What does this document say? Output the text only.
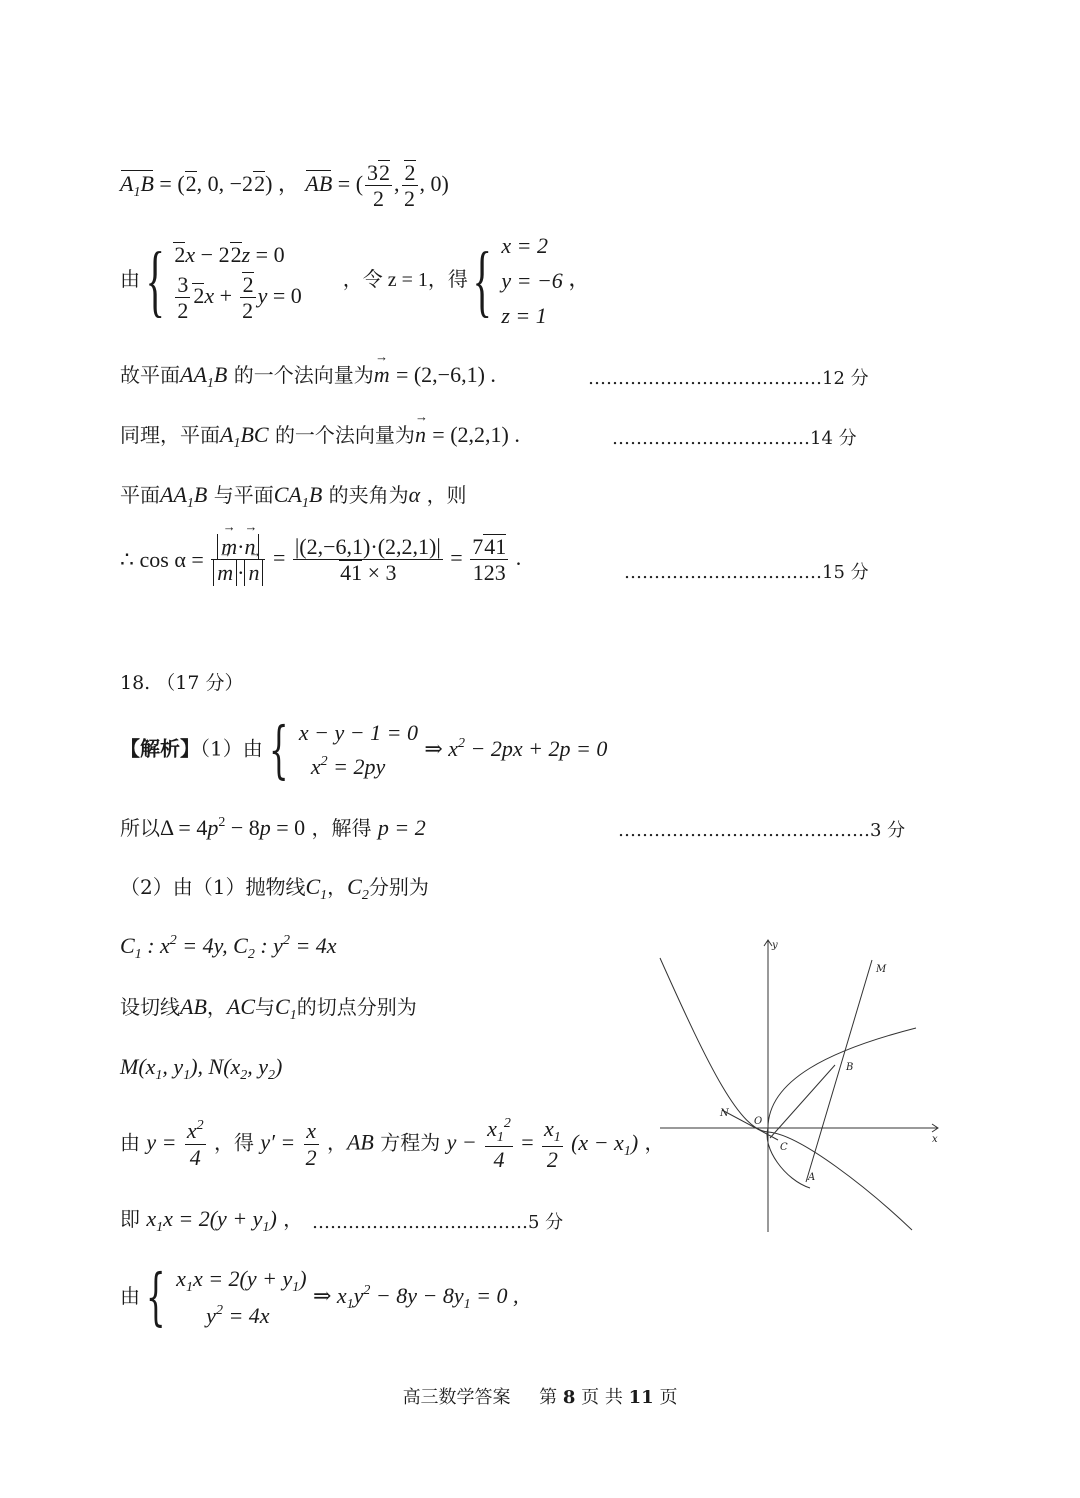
$A_1B = (2$, 0, −22) ， AB = ( $\frac{32}{2}$ , $\frac{2}{2}$ , 0)
由 { 2x − 22z = 0
$\frac{3}{2} 2x + \frac{2}{2}$ y = 0
，令 z = 1，得 { x = 2
y = −6
z = 1
，
故平面$AA_1B$ 的一个法向量为→ m = (2,−6,1) .	…………………………………12 分
同理，平面$A_1BC$ 的一个法向量为→ n = (2,2,1) .	……………………………14 分
平面$AA_1B$ 与平面$CA_1B$ 的夹角为α ，则
∴ cos α =
→ m·→ n
→ $m \cdot\to n = \frac{|(2,-6,1)\cdot(2,2,1)|}{41 \times 3} = \frac{741}{123}$ .
……………………………15 分
18. （17 分）
【解析】（1）由 { x − y − 1 = 0
$x^2 = 2py$
⇒ $x^2 - 2px + 2p = 0$
所以$\Delta = 4p^2 - 8p = 0$ ，解得 p = 2	……………………………………3 分
（2）由（1）抛物线$C_1$，$C_2$分别为
$C_1$ : $x^2 = 4y$, $C_2$ : $y^2 = 4x$
设切线AB，AC与$C_1$的切点分别为
$M(x_1$, $y_1$), $N(x_2$, $y_2$)
由 $y = \frac{x^2}{4}$ ，得 $y' = \frac{x}{2}$ ，AB 方程为 $y - \frac{x_1^2}{4} = \frac{x_1}{2} (x - x_1)$ ，
即 $x_1x = 2(y + y_1)$ ， ………………………………5 分
由 { $x_1x = 2(y + y_1)$
$y^2 = 4x$
⇒ $x_1y^2 - 8y - 8y_1 = 0$ ,
y
x
O
M
B
N
C
A
高三数学答案 第 8 页 共 11 页
